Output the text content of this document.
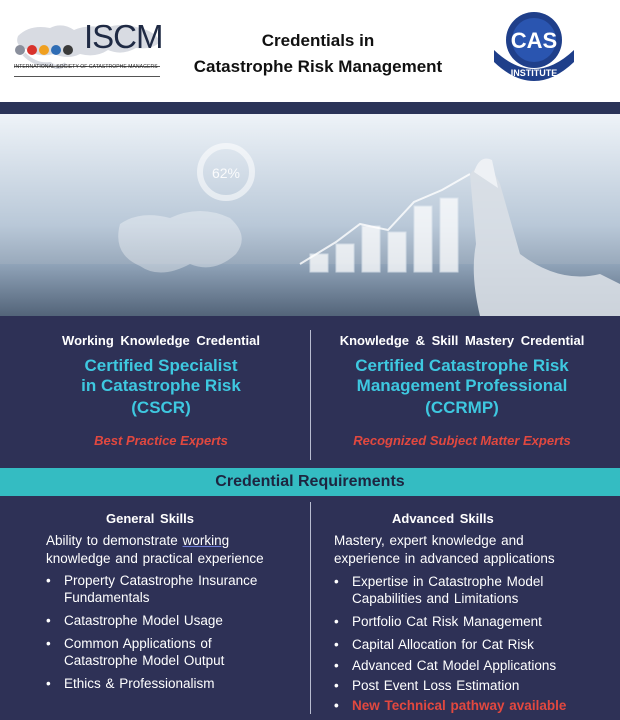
ISCM
INTERNATIONAL SOCIETY OF CATASTROPHE MANAGERS
Credentials in
Catastrophe Risk Management
CAS
INSTITUTE
62%
Working Knowledge Credential
Certified Specialist
in Catastrophe Risk
(CSCR)
Best Practice Experts
Knowledge & Skill Mastery Credential
Certified Catastrophe Risk
Management Professional
(CCRMP)
Recognized Subject Matter Experts
Credential Requirements
General Skills
Ability to demonstrate working
knowledge and practical experience
• Property Catastrophe Insurance
Fundamentals
• Catastrophe Model Usage
• Common Applications of
Catastrophe Model Output
• Ethics & Professionalism
Advanced Skills
Mastery, expert knowledge and
experience in advanced applications
• Expertise in Catastrophe Model
Capabilities and Limitations
• Portfolio Cat Risk Management
• Capital Allocation for Cat Risk
• Advanced Cat Model Applications
• Post Event Loss Estimation
• New Technical pathway available
